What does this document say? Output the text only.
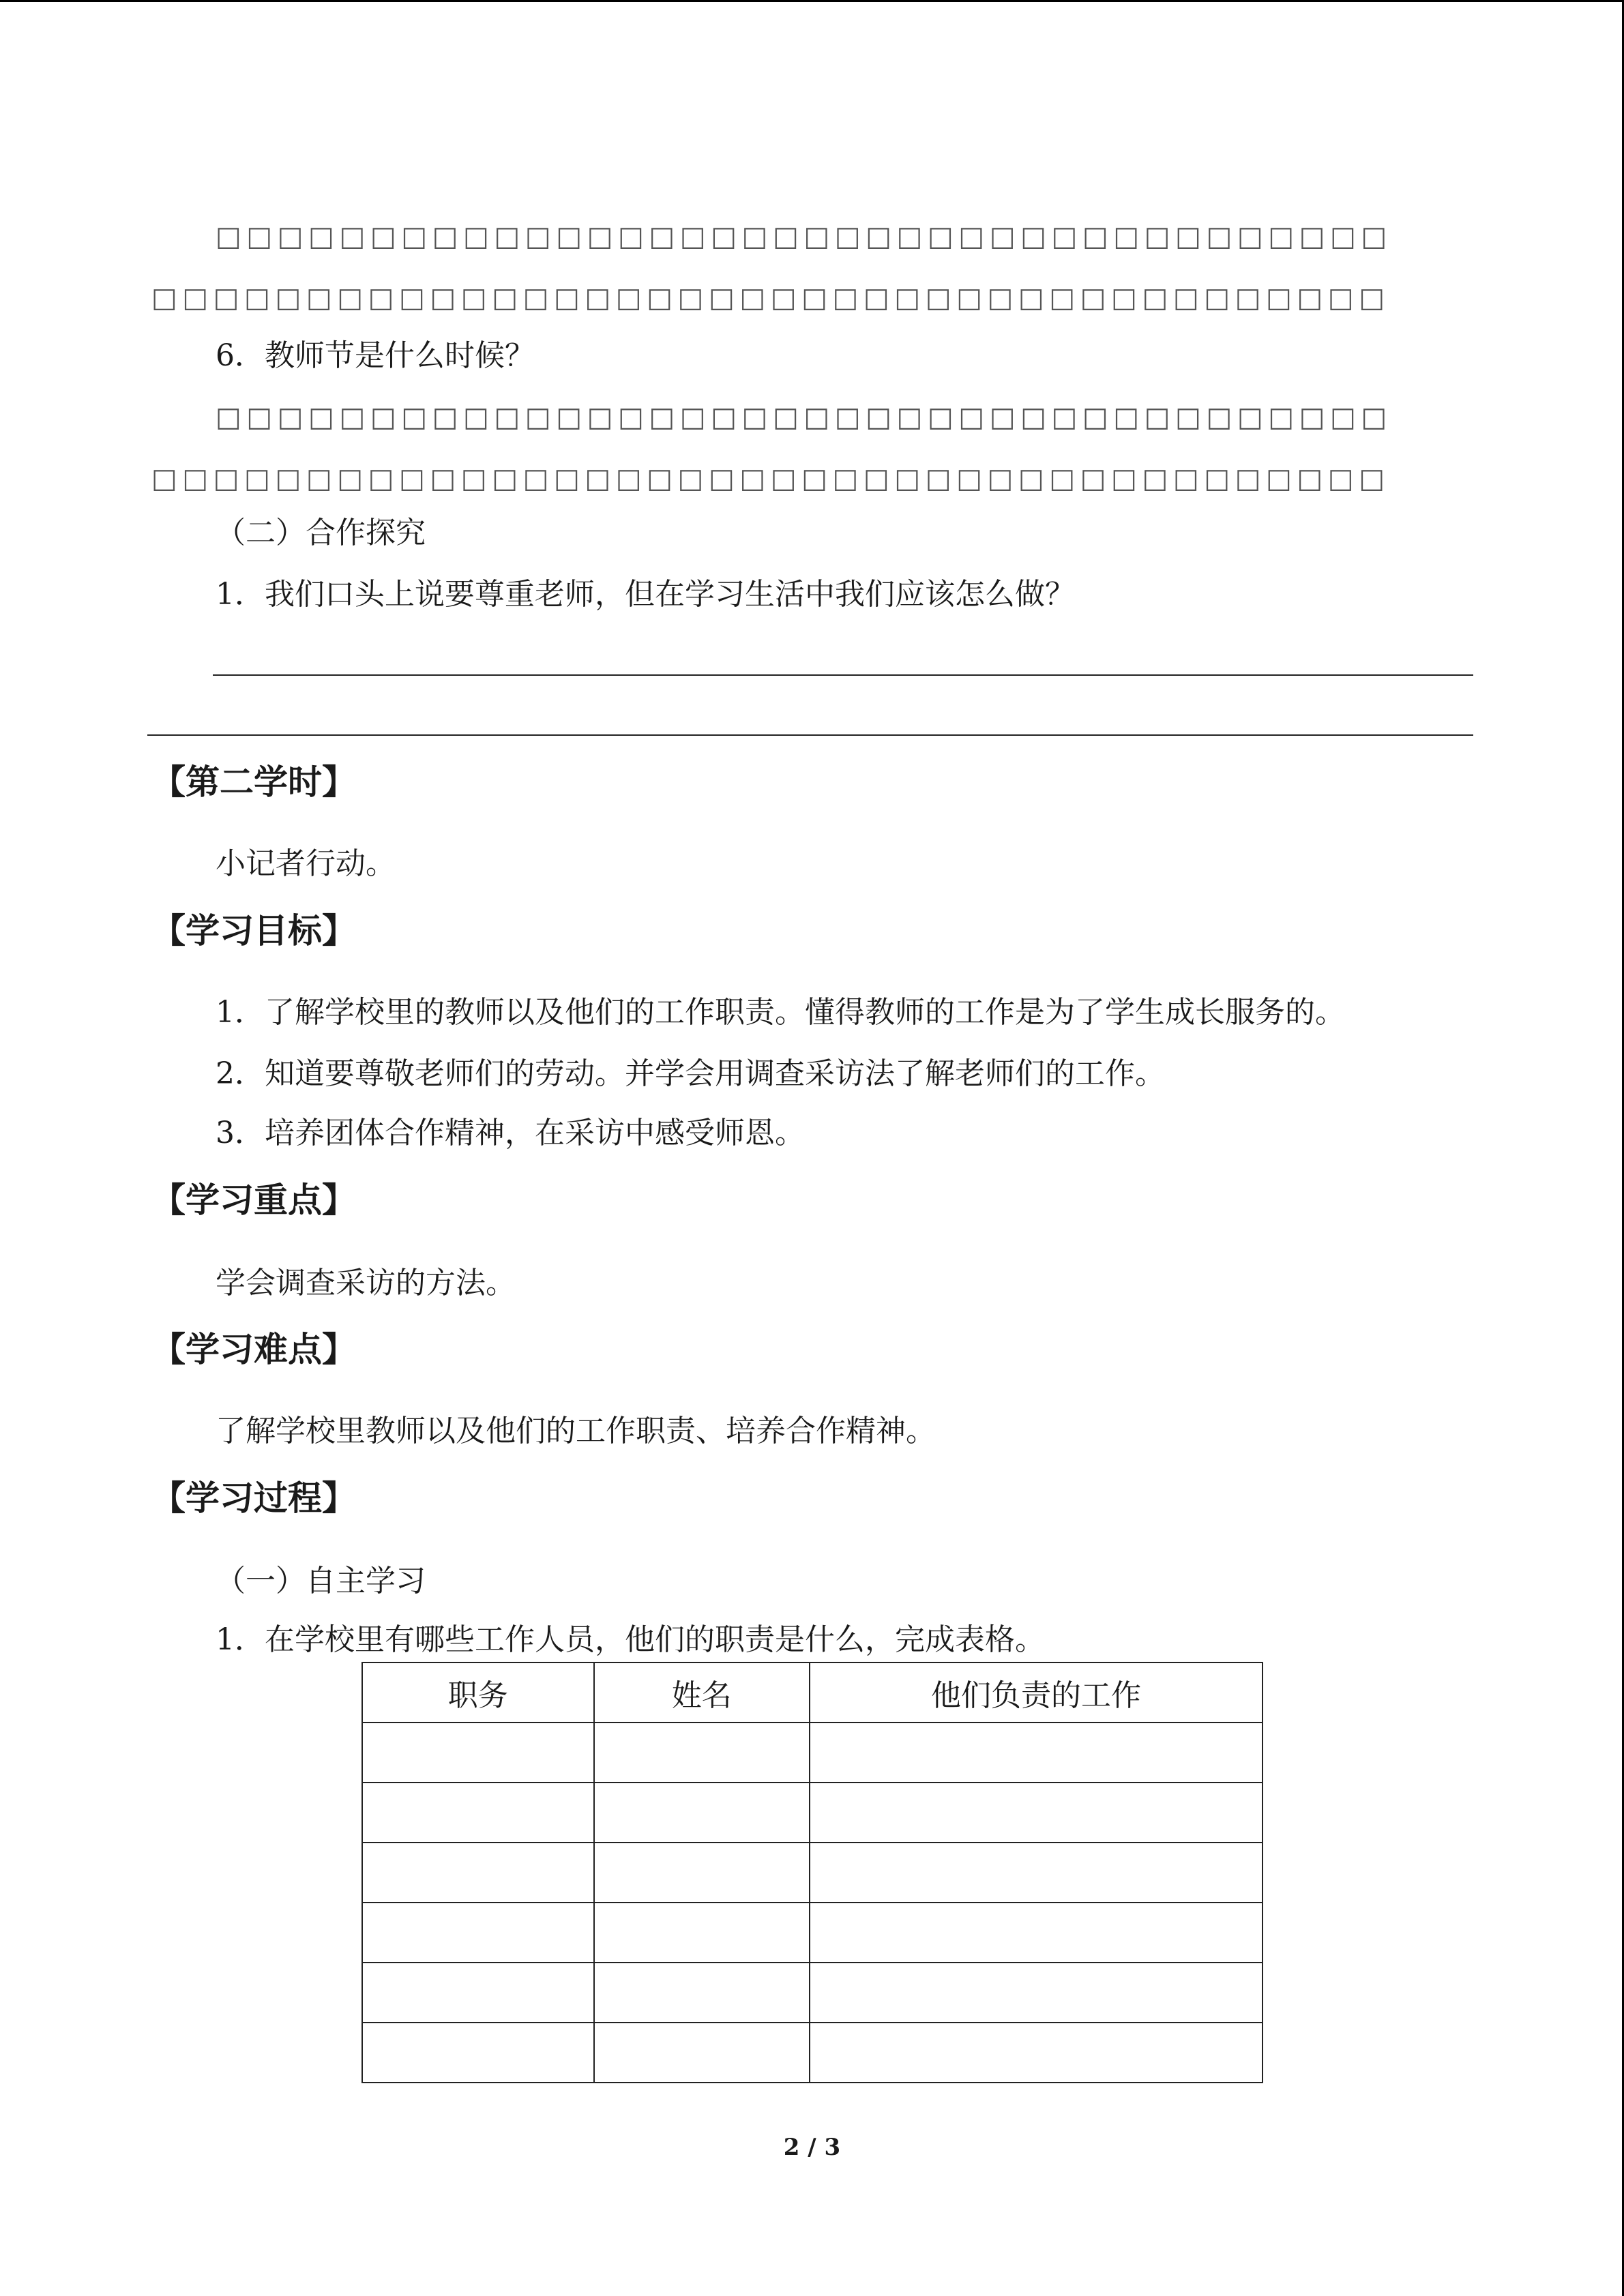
□□□□□□□□□□□□□□□□□□□□□□□□□□□□□□□□□□□□□□
□□□□□□□□□□□□□□□□□□□□□□□□□□□□□□□□□□□□□□□□
6．教师节是什么时候？
□□□□□□□□□□□□□□□□□□□□□□□□□□□□□□□□□□□□□□
□□□□□□□□□□□□□□□□□□□□□□□□□□□□□□□□□□□□□□□□
（二）合作探究
1．我们口头上说要尊重老师，但在学习生活中我们应该怎么做？
【第二学时】
小记者行动。
【学习目标】
1．了解学校里的教师以及他们的工作职责。懂得教师的工作是为了学生成长服务的。
2．知道要尊敬老师们的劳动。并学会用调查采访法了解老师们的工作。
3．培养团体合作精神，在采访中感受师恩。
【学习重点】
学会调查采访的方法。
【学习难点】
了解学校里教师以及他们的工作职责、培养合作精神。
【学习过程】
（一）自主学习
1．在学校里有哪些工作人员，他们的职责是什么，完成表格。
职务	姓名	他们负责的工作

2 / 3
